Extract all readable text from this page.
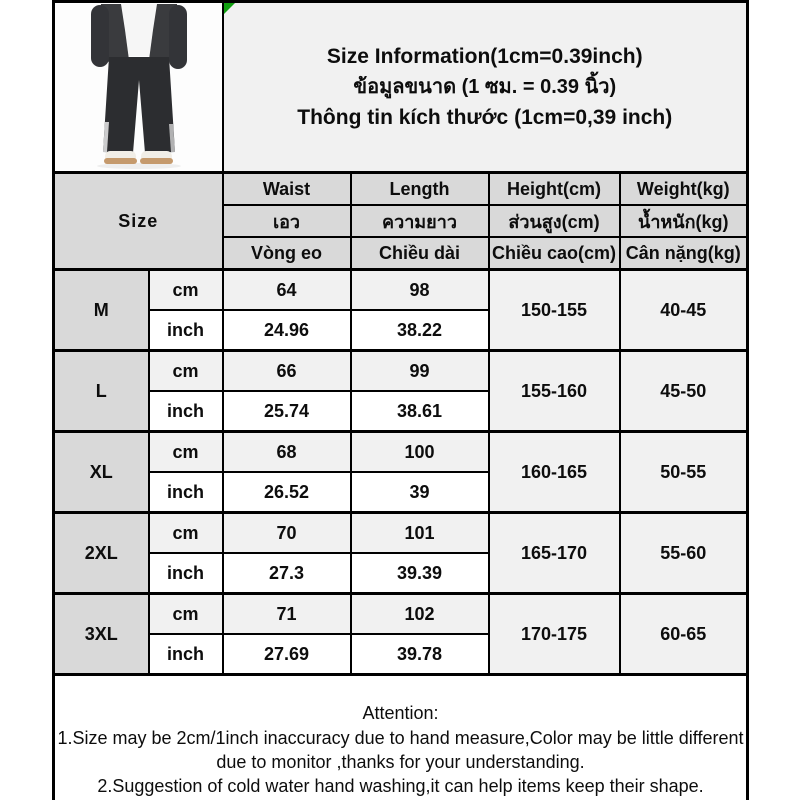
Size Information(1cm=0.39inch)
ข้อมูลขนาด (1 ซม. = 0.39 นิ้ว)
Thông tin kích thước (1cm=0,39 inch)			

Size		Waist	Length	Height(cm)	Weight(kg)
		เอว	ความยาว	ส่วนสูง(cm)	น้ำหนัก(kg)
		Vòng eo	Chiều dài	Chiều cao(cm)	Cân nặng(kg)
M	cm	64	98	150-155	40-45
	inch	24.96	38.22		
L	cm	66	99	155-160	45-50
	inch	25.74	38.61		
XL	cm	68	100	160-165	50-55
	inch	26.52	39		
2XL	cm	70	101	165-170	55-60
	inch	27.3	39.39		
3XL	cm	71	102	170-175	60-65
	inch	27.69	39.78		

Attention:
1.Size may be 2cm/1inch inaccuracy due to hand measure,Color may be little different due to monitor ,thanks for your understanding.
2.Suggestion of cold water hand washing,it can help items keep their shape.					
